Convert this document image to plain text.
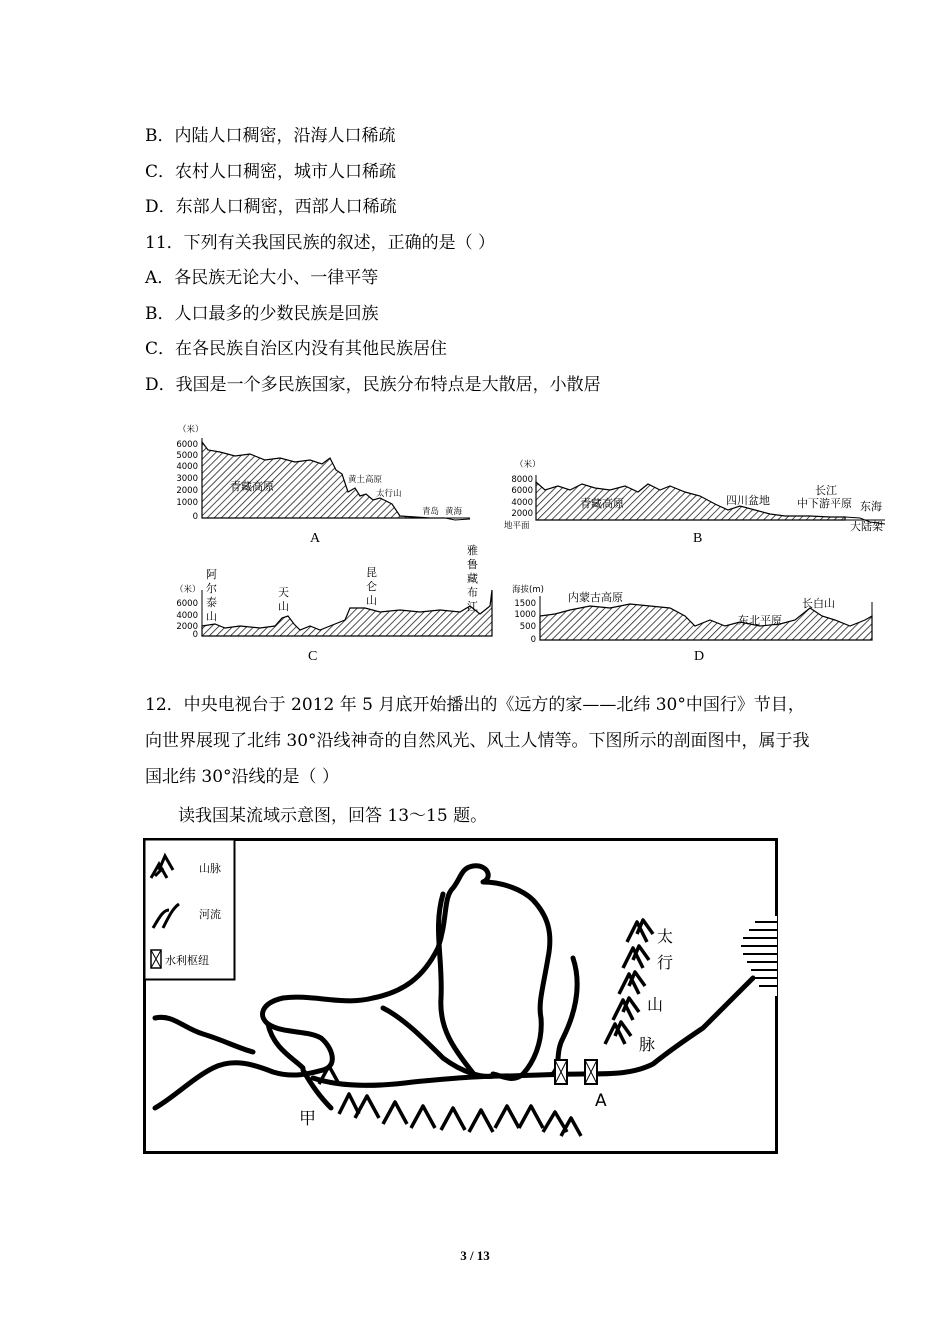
B．内陆人口稠密，沿海人口稀疏
C．农村人口稠密，城市人口稀疏
D．东部人口稠密，西部人口稀疏
11．下列有关我国民族的叙述，正确的是（ ）
A．各民族无论大小、一律平等
B．人口最多的少数民族是回族
C．在各民族自治区内没有其他民族居住
D．我国是一个多民族国家，民族分布特点是大散居，小散居
（米）
6000
5000
4000
3000
2000
1000
0
青藏高原	黄土高原
太行山
青岛 黄海
A
（米）
8000
6000
4000
2000
地平面
青藏高原	四川盆地
长江
中下游平原 东海
大陆架
B
（米）
6000
4000
2000
0
阿
尔
泰
山
天
山
昆
仑
山
雅
鲁
藏
布
江
C
海拔(m)
1500
1000
500
0
内蒙古高原
东北平原
长白山
D
12．中央电视台于 2012 年 5 月底开始播出的《远方的家——北纬 30°中国行》节目，向世界展现了北纬 30°沿线神奇的自然风光、风土人情等。下图所示的剖面图中，属于我国北纬 30°沿线的是（ ）
读我国某流域示意图，回答 13～15 题。
山脉
河流
水利枢纽
太
行
山
脉
A
甲
3 / 13
